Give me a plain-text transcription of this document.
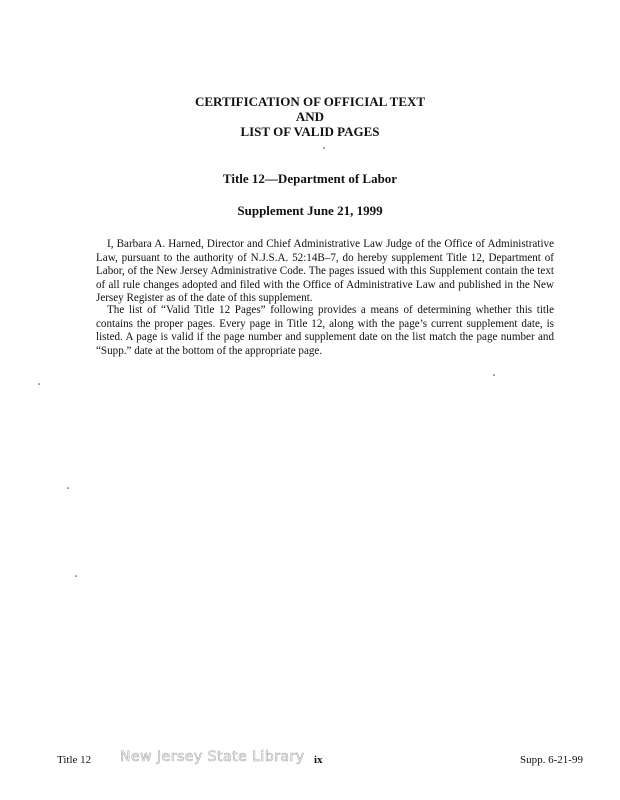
CERTIFICATION OF OFFICIAL TEXT
AND
LIST OF VALID PAGES
Title 12—Department of Labor
Supplement June 21, 1999
I, Barbara A. Harned, Director and Chief Administrative Law Judge of the Office of Administrative Law, pursuant to the authority of N.J.S.A. 52:14B–7, do hereby supplement Title 12, Department of Labor, of the New Jersey Administrative Code. The pages issued with this Supplement contain the text of all rule changes adopted and filed with the Office of Administrative Law and published in the New Jersey Register as of the date of this supplement.
The list of “Valid Title 12 Pages” following provides a means of determining whether this title contains the proper pages. Every page in Title 12, along with the page’s current supplement date, is listed. A page is valid if the page number and supplement date on the list match the page number and “Supp.” date at the bottom of the appropriate page.
Title 12 New Jersey State Library ix	Supp. 6-21-99
